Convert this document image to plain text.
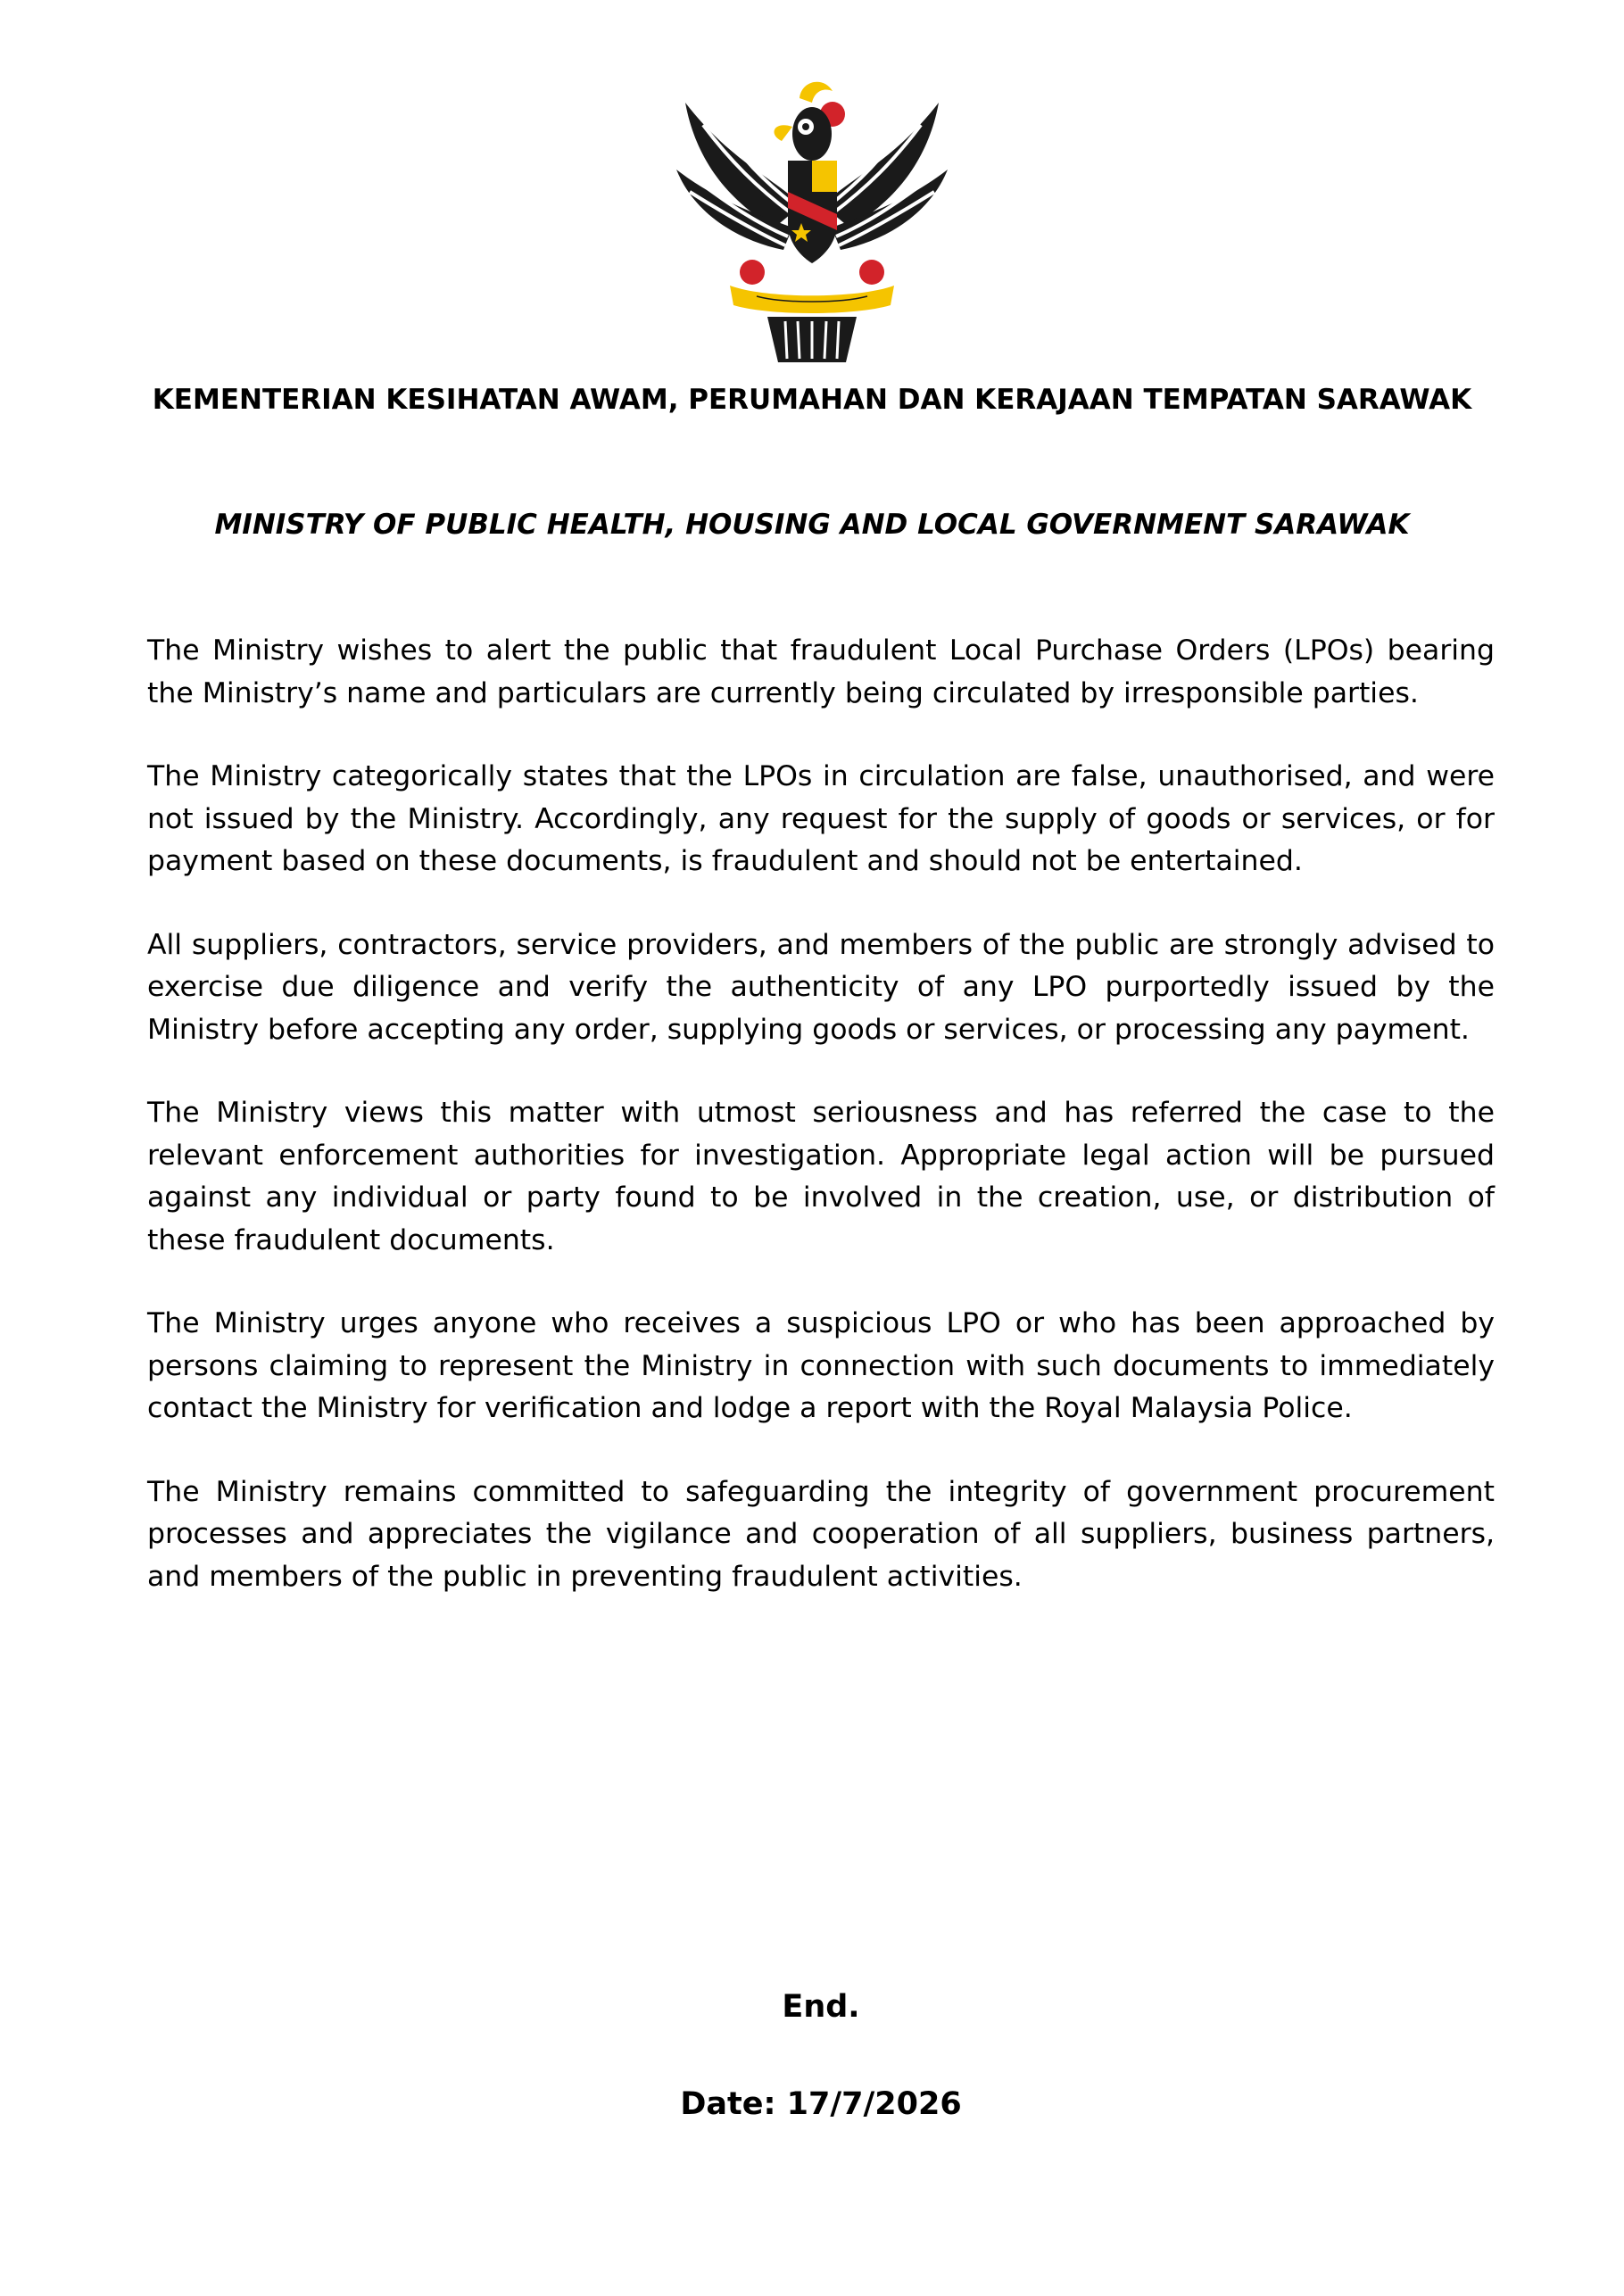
KEMENTERIAN KESIHATAN AWAM, PERUMAHAN DAN KERAJAAN TEMPATAN SARAWAK
MINISTRY OF PUBLIC HEALTH, HOUSING AND LOCAL GOVERNMENT SARAWAK

The Ministry wishes to alert the public that fraudulent Local Purchase Orders (LPOs) bearing the Ministry’s name and particulars are currently being circulated by irresponsible parties.

The Ministry categorically states that the LPOs in circulation are false, unauthorised, and were not issued by the Ministry. Accordingly, any request for the supply of goods or services, or for payment based on these documents, is fraudulent and should not be entertained.

All suppliers, contractors, service providers, and members of the public are strongly advised to exercise due diligence and verify the authenticity of any LPO purportedly issued by the Ministry before accepting any order, supplying goods or services, or processing any payment.

The Ministry views this matter with utmost seriousness and has referred the case to the relevant enforcement authorities for investigation. Appropriate legal action will be pursued against any individual or party found to be involved in the creation, use, or distribution of these fraudulent documents.

The Ministry urges anyone who receives a suspicious LPO or who has been approached by persons claiming to represent the Ministry in connection with such documents to immediately contact the Ministry for verification and lodge a report with the Royal Malaysia Police.

The Ministry remains committed to safeguarding the integrity of government procurement processes and appreciates the vigilance and cooperation of all suppliers, business partners, and members of the public in preventing fraudulent activities.

End.
Date: 17/7/2026
